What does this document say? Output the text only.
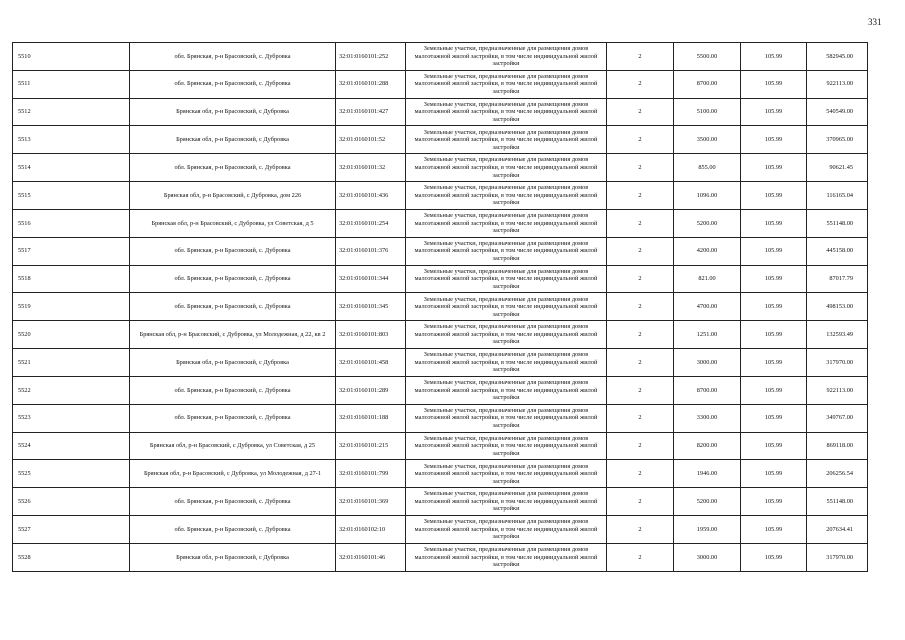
331
5510	обл. Брянская, р-н Брасовский, с. Дубровка	32:01:0160101:252	Земельные участки, предназначенные для размещения домов малоэтажной жилой застройки, в том числе индивидуальной жилой застройки	2	5500.00	105.99	582945.00
5511	обл. Брянская, р-н Брасовский, с. Дубровка	32:01:0160101:288	Земельные участки, предназначенные для размещения домов малоэтажной жилой застройки, в том числе индивидуальной жилой застройки	2	8700.00	105.99	922113.00
5512	Брянская обл, р-н Брасовский, с Дубровка	32:01:0160101:427	Земельные участки, предназначенные для размещения домов малоэтажной жилой застройки, в том числе индивидуальной жилой застройки	2	5100.00	105.99	540549.00
5513	Брянская обл, р-н Брасовский, с Дубровка	32:01:0160101:52	Земельные участки, предназначенные для размещения домов малоэтажной жилой застройки, в том числе индивидуальной жилой застройки	2	3500.00	105.99	370965.00
5514	обл. Брянская, р-н Брасовский, с. Дубровка	32:01:0160101:32	Земельные участки, предназначенные для размещения домов малоэтажной жилой застройки, в том числе индивидуальной жилой застройки	2	855.00	105.99	90621.45
5515	Брянская обл, р-н Брасовский, с Дубровка, дом 226	32:01:0160101:436	Земельные участки, предназначенные для размещения домов малоэтажной жилой застройки, в том числе индивидуальной жилой застройки	2	1096.00	105.99	116165.04
5516	Брянская обл, р-н Брасовский, с Дубровка, ул Советская, д 5	32:01:0160101:254	Земельные участки, предназначенные для размещения домов малоэтажной жилой застройки, в том числе индивидуальной жилой застройки	2	5200.00	105.99	551148.00
5517	обл. Брянская, р-н Брасовский, с. Дубровка	32:01:0160101:376	Земельные участки, предназначенные для размещения домов малоэтажной жилой застройки, в том числе индивидуальной жилой застройки	2	4200.00	105.99	445158.00
5518	обл. Брянская, р-н Брасовский, с. Дубровка	32:01:0160101:344	Земельные участки, предназначенные для размещения домов малоэтажной жилой застройки, в том числе индивидуальной жилой застройки	2	821.00	105.99	87017.79
5519	обл. Брянская, р-н Брасовский, с. Дубровка	32:01:0160101:345	Земельные участки, предназначенные для размещения домов малоэтажной жилой застройки, в том числе индивидуальной жилой застройки	2	4700.00	105.99	498153.00
5520	Брянская обл, р-н Брасовский, с Дубровка, ул Молодежная, д 22, кв 2	32:01:0160101:803	Земельные участки, предназначенные для размещения домов малоэтажной жилой застройки, в том числе индивидуальной жилой застройки	2	1251.00	105.99	132593.49
5521	Брянская обл, р-н Брасовский, с Дубровка	32:01:0160101:458	Земельные участки, предназначенные для размещения домов малоэтажной жилой застройки, в том числе индивидуальной жилой застройки	2	3000.00	105.99	317970.00
5522	обл. Брянская, р-н Брасовский, с. Дубровка	32:01:0160101:289	Земельные участки, предназначенные для размещения домов малоэтажной жилой застройки, в том числе индивидуальной жилой застройки	2	8700.00	105.99	922113.00
5523	обл. Брянская, р-н Брасовский, с. Дубровка	32:01:0160101:188	Земельные участки, предназначенные для размещения домов малоэтажной жилой застройки, в том числе индивидуальной жилой застройки	2	3300.00	105.99	349767.00
5524	Брянская обл, р-н Брасовский, с Дубровка, ул Советская, д 25	32:01:0160101:215	Земельные участки, предназначенные для размещения домов малоэтажной жилой застройки, в том числе индивидуальной жилой застройки	2	8200.00	105.99	869118.00
5525	Брянская обл, р-н Брасовский, с Дубровка, ул Молодежная, д 27-1	32:01:0160101:799	Земельные участки, предназначенные для размещения домов малоэтажной жилой застройки, в том числе индивидуальной жилой застройки	2	1946.00	105.99	206256.54
5526	обл. Брянская, р-н Брасовский, с. Дубровка	32:01:0160101:369	Земельные участки, предназначенные для размещения домов малоэтажной жилой застройки, в том числе индивидуальной жилой застройки	2	5200.00	105.99	551148.00
5527	обл. Брянская, р-н Брасовский, с. Дубровка	32:01:0160102:10	Земельные участки, предназначенные для размещения домов малоэтажной жилой застройки, в том числе индивидуальной жилой застройки	2	1959.00	105.99	207634.41
5528	Брянская обл, р-н Брасовский, с Дубровка	32:01:0160101:46	Земельные участки, предназначенные для размещения домов малоэтажной жилой застройки, в том числе индивидуальной жилой застройки	2	3000.00	105.99	317970.00
